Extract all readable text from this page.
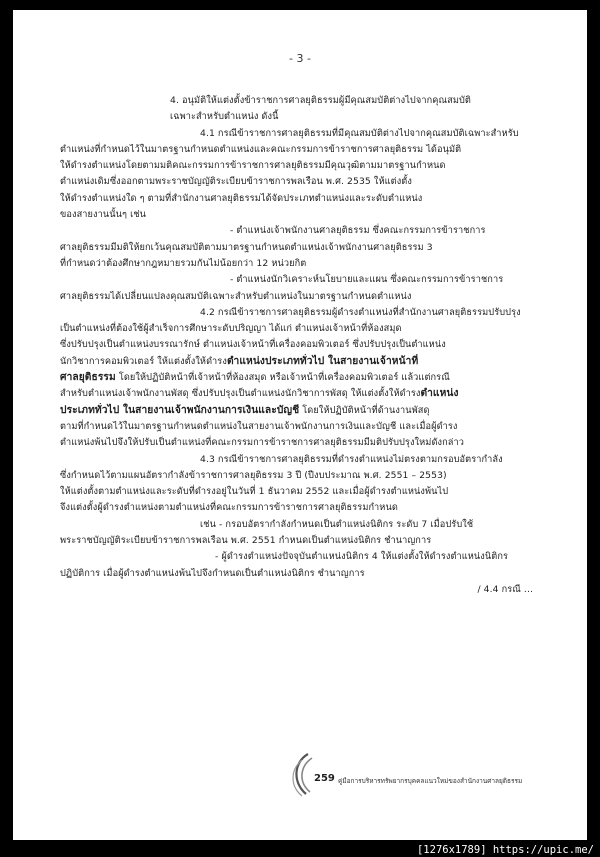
- 3 -
4. อนุมัติให้แต่งตั้งข้าราชการศาลยุติธรรมผู้มีคุณสมบัติต่างไปจากคุณสมบัติ
เฉพาะสำหรับตำแหน่ง ดังนี้
4.1 กรณีข้าราชการศาลยุติธรรมที่มีคุณสมบัติต่างไปจากคุณสมบัติเฉพาะสำหรับ
ตำแหน่งที่กำหนดไว้ในมาตรฐานกำหนดตำแหน่งและคณะกรรมการข้าราชการศาลยุติธรรม ได้อนุมัติ
ให้ดำรงตำแหน่งโดยตามมติคณะกรรมการข้าราชการศาลยุติธรรมมีคุณวุฒิตามมาตรฐานกำหนด
ตำแหน่งเดิมซึ่งออกตามพระราชบัญญัติระเบียบข้าราชการพลเรือน พ.ศ. 2535 ให้แต่งตั้ง
ให้ดำรงตำแหน่งใด ๆ ตามที่สำนักงานศาลยุติธรรมได้จัดประเภทตำแหน่งและระดับตำแหน่ง
ของสายงานนั้นๆ เช่น
- ตำแหน่งเจ้าพนักงานศาลยุติธรรม ซึ่งคณะกรรมการข้าราชการ
ศาลยุติธรรมมีมติให้ยกเว้นคุณสมบัติตามมาตรฐานกำหนดตำแหน่งเจ้าพนักงานศาลยุติธรรม 3
ที่กำหนดว่าต้องศึกษากฎหมายรวมกันไม่น้อยกว่า 12 หน่วยกิต
- ตำแหน่งนักวิเคราะห์นโยบายและแผน ซึ่งคณะกรรมการข้าราชการ
ศาลยุติธรรมได้เปลี่ยนแปลงคุณสมบัติเฉพาะสำหรับตำแหน่งในมาตรฐานกำหนดตำแหน่ง
4.2 กรณีข้าราชการศาลยุติธรรมผู้ดำรงตำแหน่งที่สำนักงานศาลยุติธรรมปรับปรุง
เป็นตำแหน่งที่ต้องใช้ผู้สำเร็จการศึกษาระดับปริญญา ได้แก่ ตำแหน่งเจ้าหน้าที่ห้องสมุด
ซึ่งปรับปรุงเป็นตำแหน่งบรรณารักษ์ ตำแหน่งเจ้าหน้าที่เครื่องคอมพิวเตอร์ ซึ่งปรับปรุงเป็นตำแหน่ง
นักวิชาการคอมพิวเตอร์ ให้แต่งตั้งให้ดำรงตำแหน่งประเภททั่วไป ในสายงานเจ้าหน้าที่
ศาลยุติธรรม โดยให้ปฏิบัติหน้าที่เจ้าหน้าที่ห้องสมุด หรือเจ้าหน้าที่เครื่องคอมพิวเตอร์ แล้วแต่กรณี
สำหรับตำแหน่งเจ้าพนักงานพัสดุ ซึ่งปรับปรุงเป็นตำแหน่งนักวิชาการพัสดุ ให้แต่งตั้งให้ดำรงตำแหน่ง
ประเภททั่วไป ในสายงานเจ้าพนักงานการเงินและบัญชี โดยให้ปฏิบัติหน้าที่ด้านงานพัสดุ
ตามที่กำหนดไว้ในมาตรฐานกำหนดตำแหน่งในสายงานเจ้าพนักงานการเงินและบัญชี และเมื่อผู้ดำรง
ตำแหน่งพ้นไปจึงให้ปรับเป็นตำแหน่งที่คณะกรรมการข้าราชการศาลยุติธรรมมีมติปรับปรุงใหม่ดังกล่าว
4.3 กรณีข้าราชการศาลยุติธรรมที่ดำรงตำแหน่งไม่ตรงตามกรอบอัตรากำลัง
ซึ่งกำหนดไว้ตามแผนอัตรากำลังข้าราชการศาลยุติธรรม 3 ปี (ปีงบประมาณ พ.ศ. 2551 – 2553)
ให้แต่งตั้งตามตำแหน่งและระดับที่ดำรงอยู่ในวันที่ 1 ธันวาคม 2552 และเมื่อผู้ดำรงตำแหน่งพ้นไป
จึงแต่งตั้งผู้ดำรงตำแหน่งตามตำแหน่งที่คณะกรรมการข้าราชการศาลยุติธรรมกำหนด
เช่น - กรอบอัตรากำลังกำหนดเป็นตำแหน่งนิติกร ระดับ 7 เมื่อปรับใช้
พระราชบัญญัติระเบียบข้าราชการพลเรือน พ.ศ. 2551 กำหนดเป็นตำแหน่งนิติกร ชำนาญการ
- ผู้ดำรงตำแหน่งปัจจุบันตำแหน่งนิติกร 4 ให้แต่งตั้งให้ดำรงตำแหน่งนิติกร
ปฏิบัติการ เมื่อผู้ดำรงตำแหน่งพ้นไปจึงกำหนดเป็นตำแหน่งนิติกร ชำนาญการ
/ 4.4 กรณี ...
259 คู่มือการบริหารทรัพยากรบุคคลแนวใหม่ของสำนักงานศาลยุติธรรม
[1276x1789] https://upic.me/
